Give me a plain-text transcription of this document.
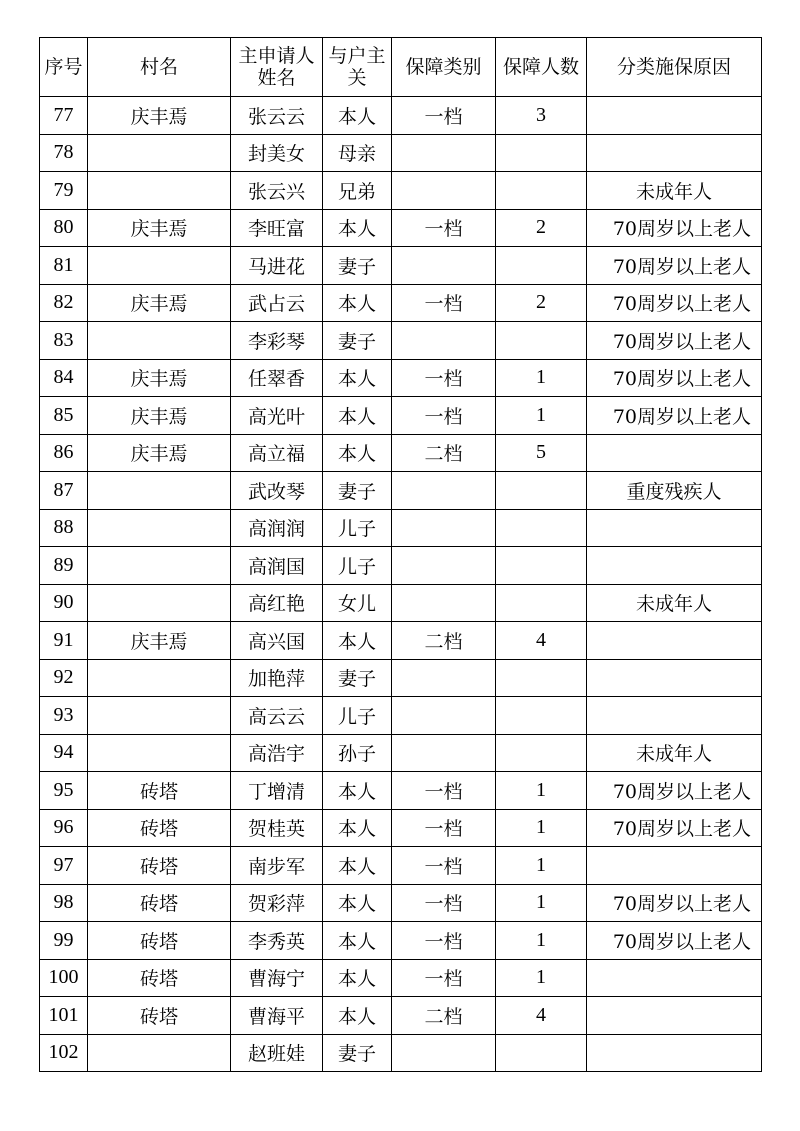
序号	村名	主申请人姓名	与户主关	保障类别	保障人数	分类施保原因
77	庆丰焉	张云云	本人	一档	3	
78		封美女	母亲			
79		张云兴	兄弟			未成年人
80	庆丰焉	李旺富	本人	一档	2	70周岁以上老人
81		马进花	妻子			70周岁以上老人
82	庆丰焉	武占云	本人	一档	2	70周岁以上老人
83		李彩琴	妻子			70周岁以上老人
84	庆丰焉	任翠香	本人	一档	1	70周岁以上老人
85	庆丰焉	高光叶	本人	一档	1	70周岁以上老人
86	庆丰焉	高立福	本人	二档	5	
87		武改琴	妻子			重度残疾人
88		高润润	儿子			
89		高润国	儿子			
90		高红艳	女儿			未成年人
91	庆丰焉	高兴国	本人	二档	4	
92		加艳萍	妻子			
93		高云云	儿子			
94		高浩宇	孙子			未成年人
95	砖塔	丁增清	本人	一档	1	70周岁以上老人
96	砖塔	贺桂英	本人	一档	1	70周岁以上老人
97	砖塔	南步军	本人	一档	1	
98	砖塔	贺彩萍	本人	一档	1	70周岁以上老人
99	砖塔	李秀英	本人	一档	1	70周岁以上老人
100	砖塔	曹海宁	本人	一档	1	
101	砖塔	曹海平	本人	二档	4	
102		赵班娃	妻子			
